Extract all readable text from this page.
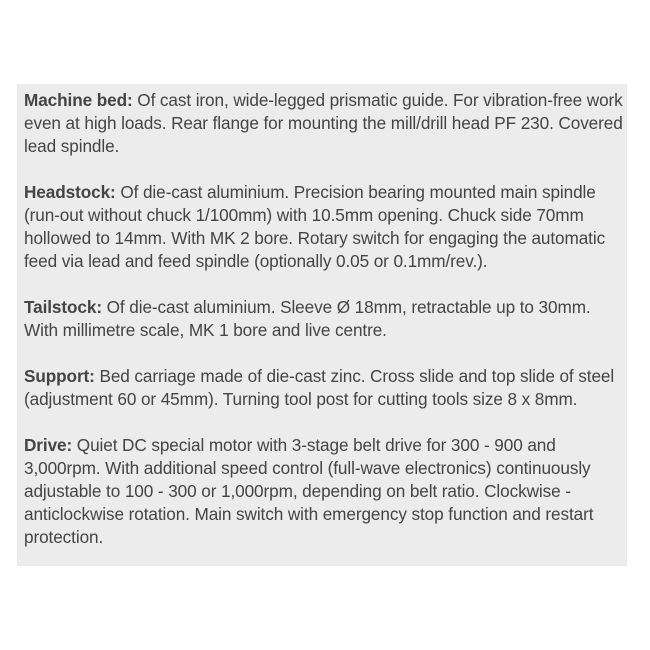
Machine bed: Of cast iron, wide-legged prismatic guide. For vibration-free work even at high loads. Rear flange for mounting the mill/drill head PF 230. Covered lead spindle.
Headstock: Of die-cast aluminium. Precision bearing mounted main spindle (run-out without chuck 1/100mm) with 10.5mm opening. Chuck side 70mm hollowed to 14mm. With MK 2 bore. Rotary switch for engaging the automatic feed via lead and feed spindle (optionally 0.05 or 0.1mm/rev.).
Tailstock: Of die-cast aluminium. Sleeve Ø 18mm, retractable up to 30mm. With millimetre scale, MK 1 bore and live centre.
Support: Bed carriage made of die-cast zinc. Cross slide and top slide of steel (adjustment 60 or 45mm). Turning tool post for cutting tools size 8 x 8mm.
Drive: Quiet DC special motor with 3-stage belt drive for 300 - 900 and 3,000rpm. With additional speed control (full-wave electronics) continuously adjustable to 100 - 300 or 1,000rpm, depending on belt ratio. Clockwise - anticlockwise rotation. Main switch with emergency stop function and restart protection.
